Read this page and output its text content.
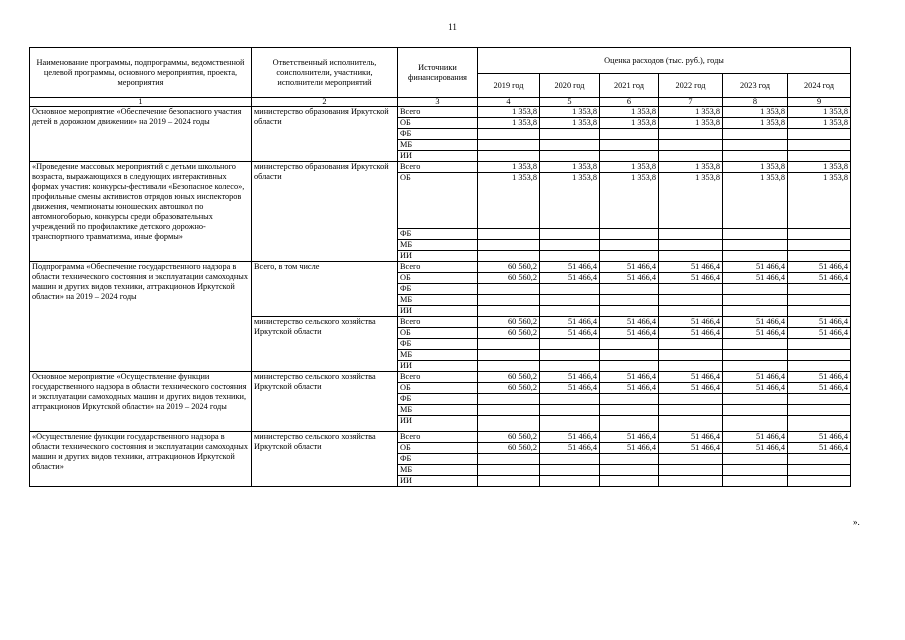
11
Наименование программы, подпрограммы, ведомственной целевой программы, основного мероприятия, проекта, мероприятия	Ответственный исполнитель, соисполнители, участники, исполнители мероприятий	Источники финансирования	Оценка расходов (тыс. руб.), годы					
			2019 год	2020 год	2021 год	2022 год	2023 год	2024 год
1	2	3	4	5	6	7	8	9
Основное мероприятие «Обеспечение безопасного участия детей в дорожном движении» на 2019 – 2024 годы	министерство образования Иркутской области	Всего	1 353,8	1 353,8	1 353,8	1 353,8	1 353,8	1 353,8
		ОБ	1 353,8	1 353,8	1 353,8	1 353,8	1 353,8	1 353,8
		ФБ						
		МБ						
		ИИ						
«Проведение массовых мероприятий с детьми школьного возраста, выражающихся в следующих интерактивных формах участия: конкурсы-фестивали «Безопасное колесо», профильные смены активистов отрядов юных инспекторов движения, чемпионаты юношеских автошкол по автомногоборью, конкурсы среди образовательных учреждений по профилактике детского дорожно-транспортного травматизма, иные формы»	министерство образования Иркутской области	Всего	1 353,8	1 353,8	1 353,8	1 353,8	1 353,8	1 353,8
		ОБ	1 353,8	1 353,8	1 353,8	1 353,8	1 353,8	1 353,8
		ФБ						
		МБ						
		ИИ						
Подпрограмма «Обеспечение государственного надзора в области технического состояния и эксплуатации самоходных машин и других видов техники, аттракционов Иркутской области» на 2019 – 2024 годы	Всего, в том числе	Всего	60 560,2	51 466,4	51 466,4	51 466,4	51 466,4	51 466,4
		ОБ	60 560,2	51 466,4	51 466,4	51 466,4	51 466,4	51 466,4
		ФБ						
		МБ						
		ИИ						
	министерство сельского хозяйства Иркутской области	Всего	60 560,2	51 466,4	51 466,4	51 466,4	51 466,4	51 466,4
		ОБ	60 560,2	51 466,4	51 466,4	51 466,4	51 466,4	51 466,4
		ФБ						
		МБ						
		ИИ						
Основное мероприятие «Осуществление функции государственного надзора в области технического состояния и эксплуатации самоходных машин и других видов техники, аттракционов Иркутской области» на 2019 – 2024 годы	министерство сельского хозяйства Иркутской области	Всего	60 560,2	51 466,4	51 466,4	51 466,4	51 466,4	51 466,4
		ОБ	60 560,2	51 466,4	51 466,4	51 466,4	51 466,4	51 466,4
		ФБ						
		МБ						
		ИИ						
«Осуществление функции государственного надзора в области технического состояния и эксплуатации самоходных машин и других видов техники, аттракционов Иркутской области»	министерство сельского хозяйства Иркутской области	Всего	60 560,2	51 466,4	51 466,4	51 466,4	51 466,4	51 466,4
		ОБ	60 560,2	51 466,4	51 466,4	51 466,4	51 466,4	51 466,4
		ФБ						
		МБ						
		ИИ						
».
